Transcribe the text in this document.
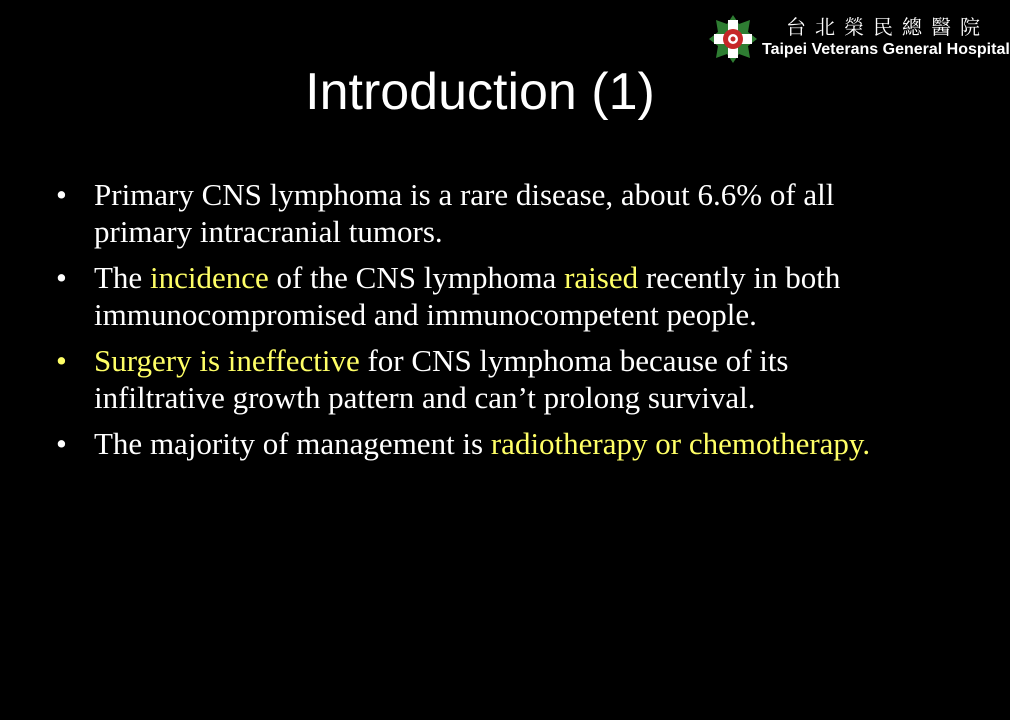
台北榮民總醫院
Taipei Veterans General Hospital
Introduction (1)
• Primary CNS lymphoma is a rare disease, about 6.6% of all primary intracranial tumors.
• The incidence of the CNS lymphoma raised recently in both immunocompromised and immunocompetent people.
• Surgery is ineffective for CNS lymphoma because of its infiltrative growth pattern and can’t prolong survival.
• The majority of management is radiotherapy or chemotherapy.
